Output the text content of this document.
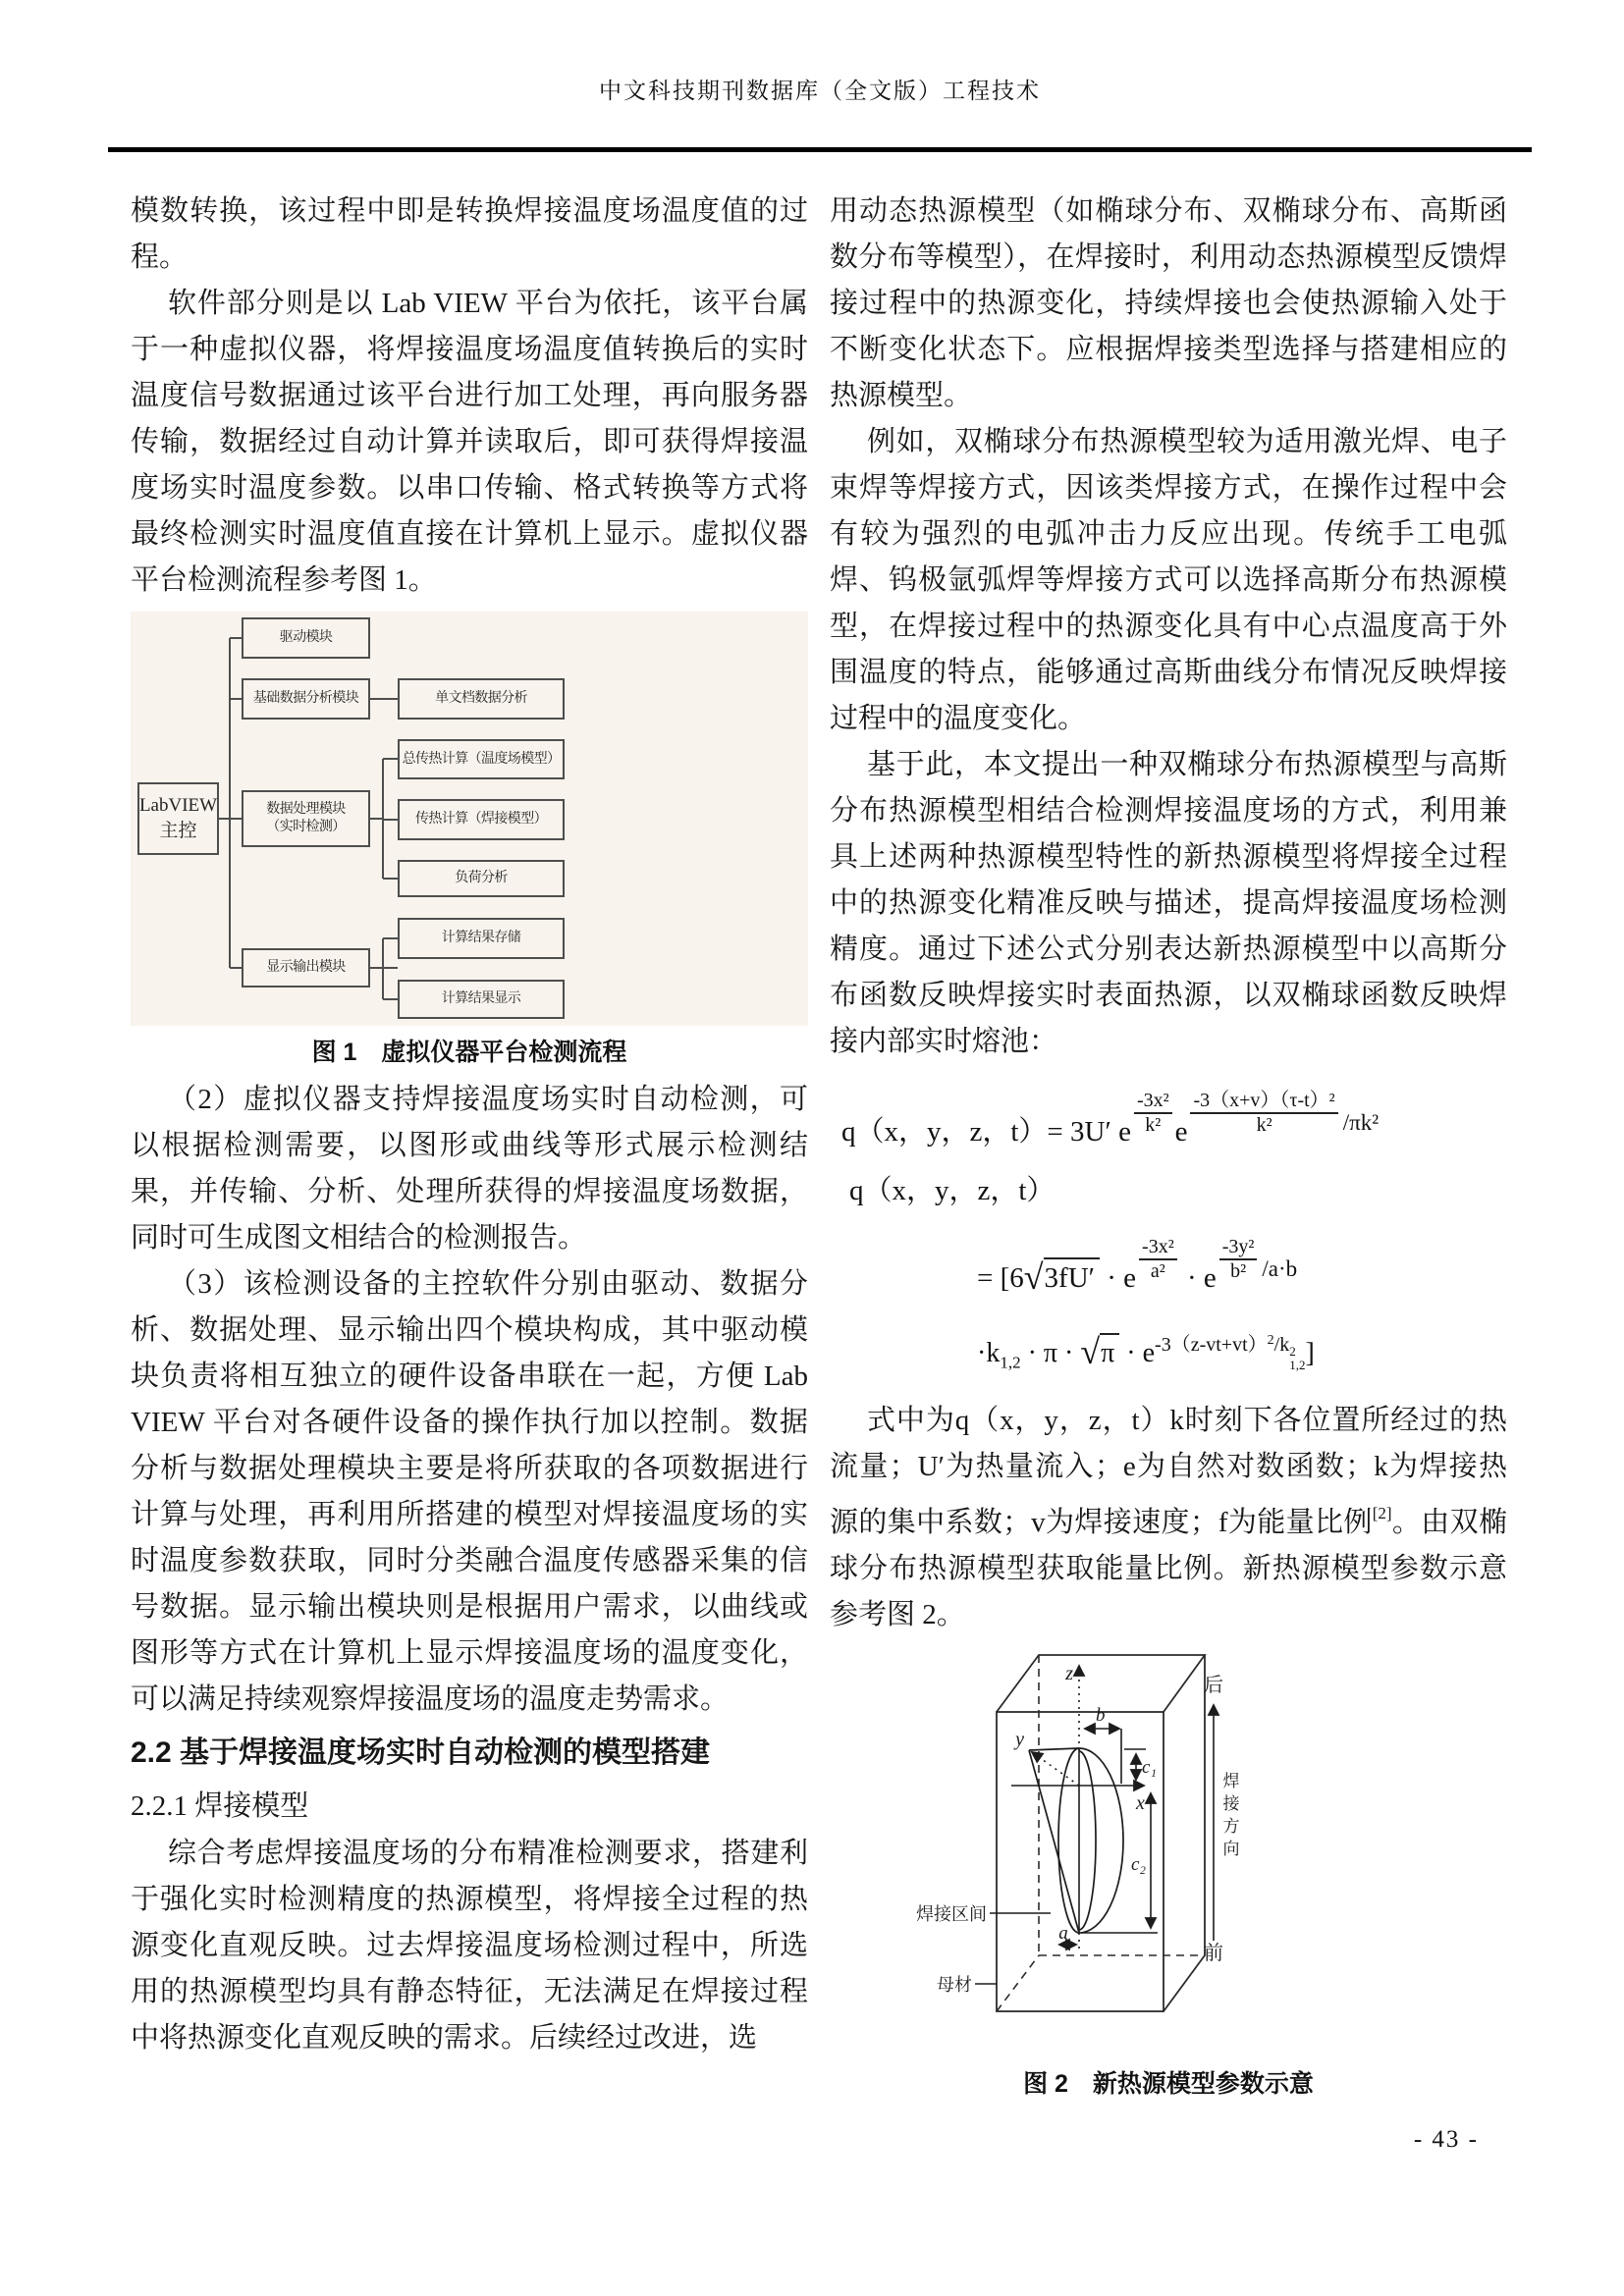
中文科技期刊数据库（全文版）工程技术

模数转换，该过程中即是转换焊接温度场温度值的过程。

软件部分则是以 Lab VIEW 平台为依托，该平台属于一种虚拟仪器，将焊接温度场温度值转换后的实时温度信号数据通过该平台进行加工处理，再向服务器传输，数据经过自动计算并读取后，即可获得焊接温度场实时温度参数。以串口传输、格式转换等方式将最终检测实时温度值直接在计算机上显示。虚拟仪器平台检测流程参考图 1。

LabVIEW
主控
驱动模块
基础数据分析模块	单文档数据分析
数据处理模块
（实时检测）
总传热计算（温度场模型）
传热计算（焊接模型）
负荷分析
显示输出模块
计算结果存储
计算结果显示
图 1　虚拟仪器平台检测流程

（2）虚拟仪器支持焊接温度场实时自动检测，可以根据检测需要，以图形或曲线等形式展示检测结果，并传输、分析、处理所获得的焊接温度场数据，同时可生成图文相结合的检测报告。

（3）该检测设备的主控软件分别由驱动、数据分析、数据处理、显示输出四个模块构成，其中驱动模块负责将相互独立的硬件设备串联在一起，方便 Lab VIEW 平台对各硬件设备的操作执行加以控制。数据分析与数据处理模块主要是将所获取的各项数据进行计算与处理，再利用所搭建的模型对焊接温度场的实时温度参数获取，同时分类融合温度传感器采集的信号数据。显示输出模块则是根据用户需求，以曲线或图形等方式在计算机上显示焊接温度场的温度变化，可以满足持续观察焊接温度场的温度走势需求。

2.2 基于焊接温度场实时自动检测的模型搭建
2.2.1 焊接模型

综合考虑焊接温度场的分布精准检测要求，搭建利于强化实时检测精度的热源模型，将焊接全过程的热源变化直观反映。过去焊接温度场检测过程中，所选用的热源模型均具有静态特征，无法满足在焊接过程中将热源变化直观反映的需求。后续经过改进，选

用动态热源模型（如椭球分布、双椭球分布、高斯函数分布等模型），在焊接时，利用动态热源模型反馈焊接过程中的热源变化，持续焊接也会使热源输入处于不断变化状态下。应根据焊接类型选择与搭建相应的热源模型。

例如，双椭球分布热源模型较为适用激光焊、电子束焊等焊接方式，因该类焊接方式，在操作过程中会有较为强烈的电弧冲击力反应出现。传统手工电弧焊、钨极氩弧焊等焊接方式可以选择高斯分布热源模型，在焊接过程中的热源变化具有中心点温度高于外围温度的特点，能够通过高斯曲线分布情况反映焊接过程中的温度变化。

基于此，本文提出一种双椭球分布热源模型与高斯分布热源模型相结合检测焊接温度场的方式，利用兼具上述两种热源模型特性的新热源模型将焊接全过程中的热源变化精准反映与描述，提高焊接温度场检测精度。通过下述公式分别表达新热源模型中以高斯分布函数反映焊接实时表面热源，以双椭球函数反映焊接内部实时熔池：

q（x，y，z，t）= 3U′ e $\frac{\text{-3x²}}{\text{k²}}$ e $\frac{\text{-3（x+v）（τ-t）²}}{\text{k²}} ^{/\pi k^2}$
q（x，y，z，t）
= [6√3fU′ · e $\frac{\text{-3x²}}{\text{a²}} \cdot e \frac{\text{-3y²}}{\text{b²}} ^{/a\cdot b}$
$\cdot k_{1,2} \cdot \pi \cdot √\pi \cdot e^{-3(z-vt+vt)^2/k 2 1,2}$ ]

式中为q（x，y，z，t）k时刻下各位置所经过的热流量；U′为热量流入；e为自然对数函数；k为焊接热源的集中系数；v为焊接速度；f为能量比例[2]。由双椭球分布热源模型获取能量比例。新热源模型参数示意参考图 2。

z
y
x
b
c₁
c₂
a
焊接区间
母材
后
前
焊
接
方
向
图 2　新热源模型参数示意
- 43 -
